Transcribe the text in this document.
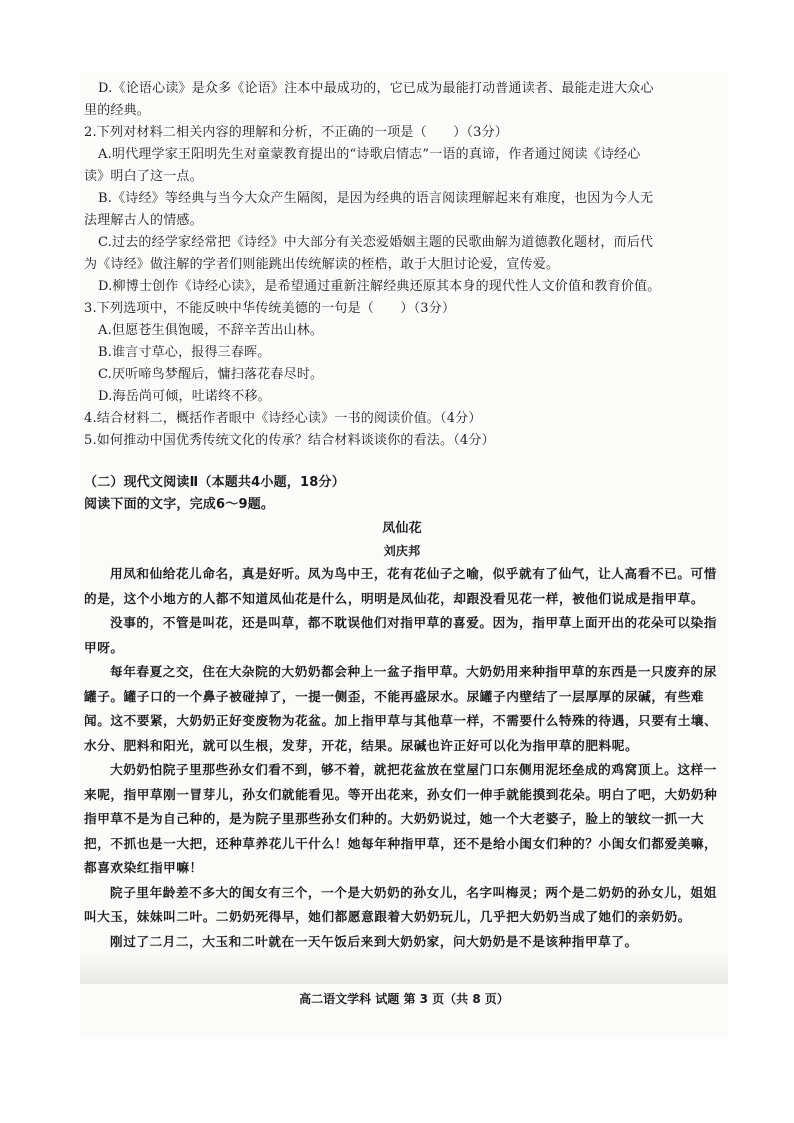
D.《论语心读》是众多《论语》注本中最成功的，它已成为最能打动普通读者、最能走进大众心

里的经典。

2.下列对材料二相关内容的理解和分析，不正确的一项是（　　）（3分）

A.明代理学家王阳明先生对童蒙教育提出的“诗歌启情志”一语的真谛，作者通过阅读《诗经心

读》明白了这一点。

B.《诗经》等经典与当今大众产生隔阂，是因为经典的语言阅读理解起来有难度，也因为今人无

法理解古人的情感。

C.过去的经学家经常把《诗经》中大部分有关恋爱婚姻主题的民歌曲解为道德教化题材，而后代

为《诗经》做注解的学者们则能跳出传统解读的桎梏，敢于大胆讨论爱，宣传爱。

D.柳博士创作《诗经心读》，是希望通过重新注解经典还原其本身的现代性人文价值和教育价值。

3.下列选项中，不能反映中华传统美德的一句是（　　）（3分）

A.但愿苍生俱饱暖，不辞辛苦出山林。

B.谁言寸草心，报得三春晖。

C.厌听啼鸟梦醒后，慵扫落花春尽时。

D.海岳尚可倾，吐诺终不移。

4.结合材料二，概括作者眼中《诗经心读》一书的阅读价值。（4分）

5.如何推动中国优秀传统文化的传承？结合材料谈谈你的看法。（4分）

（二）现代文阅读Ⅱ（本题共4小题，18分）

阅读下面的文字，完成6～9题。

凤仙花

刘庆邦

用凤和仙给花儿命名，真是好听。凤为鸟中王，花有花仙子之喻，似乎就有了仙气，让人高看不已。可惜的是，这个小地方的人都不知道凤仙花是什么，明明是凤仙花，却跟没看见花一样，被他们说成是指甲草。

没事的，不管是叫花，还是叫草，都不耽误他们对指甲草的喜爱。因为，指甲草上面开出的花朵可以染指甲呀。

每年春夏之交，住在大杂院的大奶奶都会种上一盆子指甲草。大奶奶用来种指甲草的东西是一只废弃的尿罐子。罐子口的一个鼻子被碰掉了，一提一侧歪，不能再盛尿水。尿罐子内壁结了一层厚厚的尿碱，有些难闻。这不要紧，大奶奶正好变废物为花盆。加上指甲草与其他草一样，不需要什么特殊的待遇，只要有土壤、水分、肥料和阳光，就可以生根，发芽，开花，结果。尿碱也许正好可以化为指甲草的肥料呢。

大奶奶怕院子里那些孙女们看不到，够不着，就把花盆放在堂屋门口东侧用泥坯垒成的鸡窝顶上。这样一来呢，指甲草刚一冒芽儿，孙女们就能看见。等开出花来，孙女们一伸手就能摸到花朵。明白了吧，大奶奶种指甲草不是为自己种的，是为院子里那些孙女们种的。大奶奶说过，她一个大老婆子，脸上的皱纹一抓一大把，不抓也是一大把，还种草养花儿干什么！她每年种指甲草，还不是给小闺女们种的？小闺女们都爱美嘛，都喜欢染红指甲嘛！

院子里年龄差不多大的闺女有三个，一个是大奶奶的孙女儿，名字叫梅灵；两个是二奶奶的孙女儿，姐姐叫大玉，妹妹叫二叶。二奶奶死得早，她们都愿意跟着大奶奶玩儿，几乎把大奶奶当成了她们的亲奶奶。

刚过了二月二，大玉和二叶就在一天午饭后来到大奶奶家，问大奶奶是不是该种指甲草了。

高二语文学科 试题 第 3 页（共 8 页）
